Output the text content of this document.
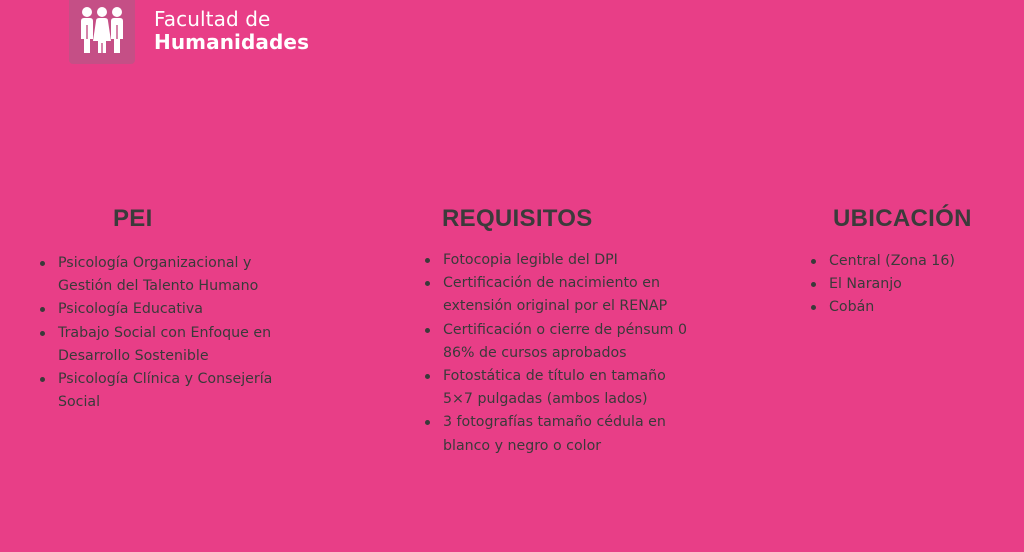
Facultad de
Humanidades
PEI
Psicología Organizacional y Gestión del Talento Humano
Psicología Educativa
Trabajo Social con Enfoque en Desarrollo Sostenible
Psicología Clínica y Consejería Social
REQUISITOS
Fotocopia legible del DPI
Certificación de nacimiento en extensión original por el RENAP
Certificación o cierre de pénsum 0 86% de cursos aprobados
Fotostática de título en tamaño 5×7 pulgadas (ambos lados)
3 fotografías tamaño cédula en blanco y negro o color
UBICACIÓN
Central (Zona 16)
El Naranjo
Cobán
